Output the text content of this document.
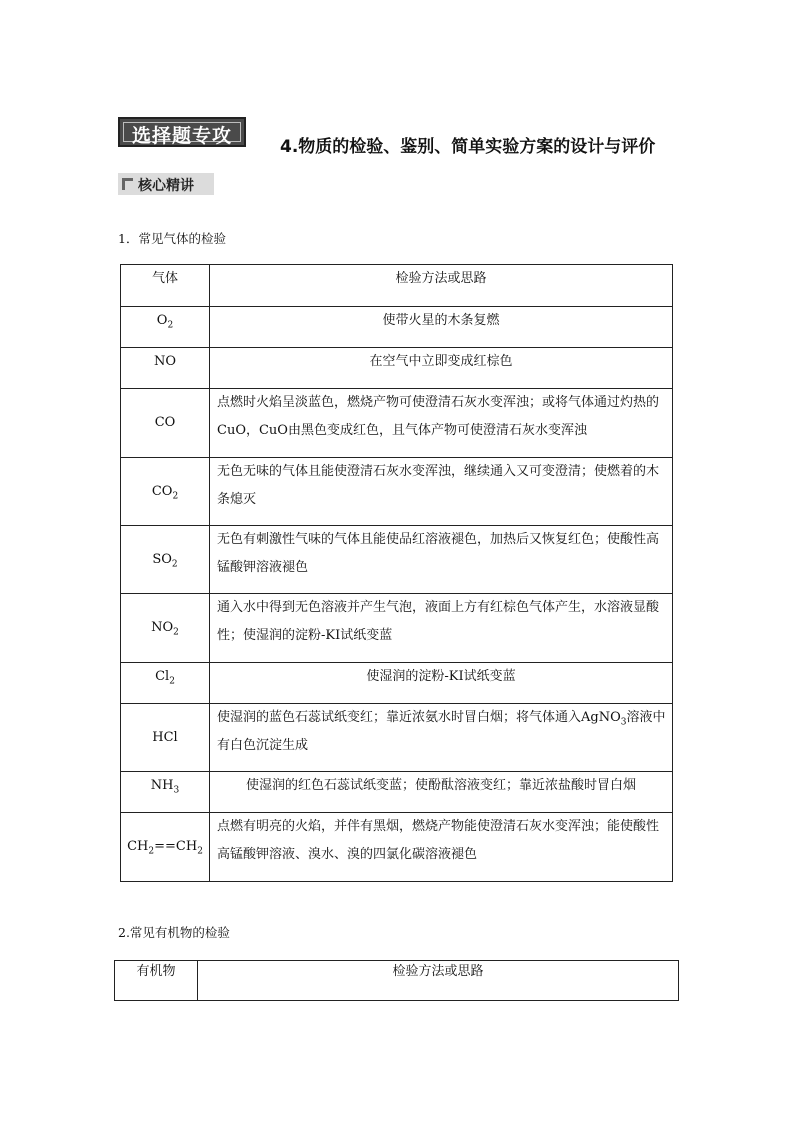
选择题专攻	4.物质的检验、鉴别、简单实验方案的设计与评价
核心精讲
1．常见气体的检验
气体	检验方法或思路
$O_2$	使带火星的木条复燃
NO	在空气中立即变成红棕色
CO	点燃时火焰呈淡蓝色，燃烧产物可使澄清石灰水变浑浊；或将气体通过灼热的CuO，CuO由黑色变成红色，且气体产物可使澄清石灰水变浑浊
$CO_2$	无色无味的气体且能使澄清石灰水变浑浊，继续通入又可变澄清；使燃着的木条熄灭
$SO_2$	无色有刺激性气味的气体且能使品红溶液褪色，加热后又恢复红色；使酸性高锰酸钾溶液褪色
$NO_2$	通入水中得到无色溶液并产生气泡，液面上方有红棕色气体产生，水溶液显酸性；使湿润的淀粉-KI试纸变蓝
$Cl_2$	使湿润的淀粉-KI试纸变蓝
HCl	使湿润的蓝色石蕊试纸变红；靠近浓氨水时冒白烟；将气体通入AgNO$_3$溶液中有白色沉淀生成
$NH_3$	使湿润的红色石蕊试纸变蓝；使酚酞溶液变红；靠近浓盐酸时冒白烟
$CH_2==CH_2$	点燃有明亮的火焰，并伴有黑烟，燃烧产物能使澄清石灰水变浑浊；能使酸性高锰酸钾溶液、溴水、溴的四氯化碳溶液褪色
2.常见有机物的检验
有机物	检验方法或思路
